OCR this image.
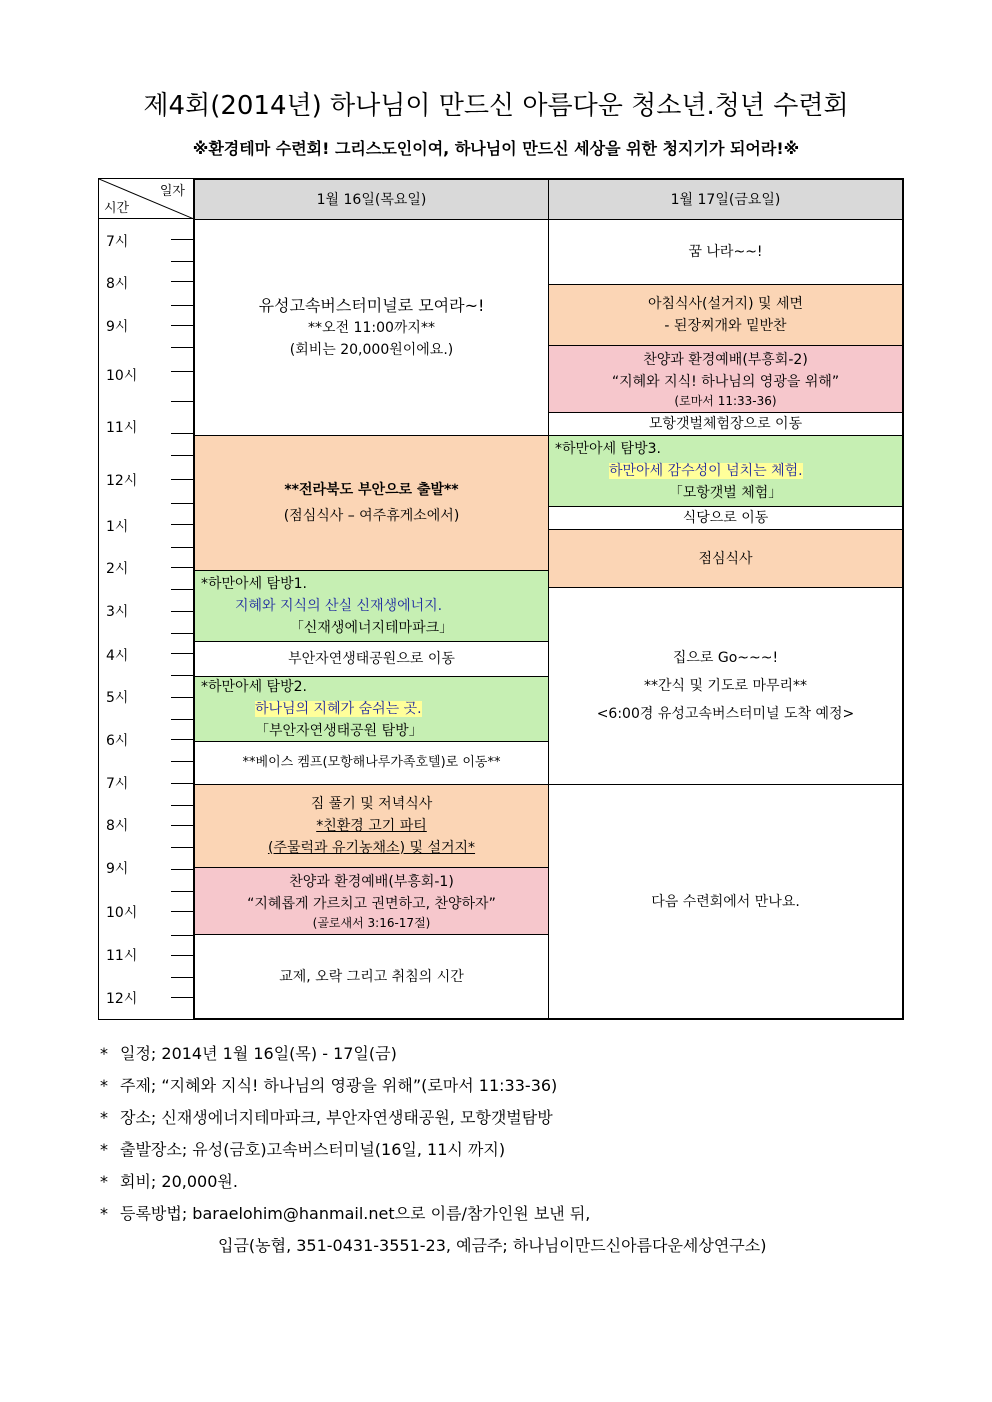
제4회(2014년) 하나님이 만드신 아름다운 청소년.청년 수련회
※환경테마 수련회! 그리스도인이여, 하나님이 만드신 세상을 위한 청지기가 되어라!※
일자
시간
1월 16일(목요일)	1월 17일(금요일)
7시
8시
9시
10시
11시
12시
1시
2시
3시
4시
5시
6시
7시
8시
9시
10시
11시
12시
유성고속버스터미널로 모여라~!
**오전 11:00까지**
(회비는 20,000원이에요.)
**전라북도 부안으로 출발**
(점심식사 – 여주휴게소에서)
*하만아세 탐방1.
지혜와 지식의 산실 신재생에너지.
「신재생에너지테마파크」
부안자연생태공원으로 이동
*하만아세 탐방2.
하나님의 지혜가 숨쉬는 곳.
「부안자연생태공원 탐방」
**베이스 켐프(모항해나루가족호텔)로 이동**
짐 풀기 및 저녁식사
*친환경 고기 파티
(주물럭과 유기농채소) 및 설거지*
찬양과 환경예배(부흥회-1)
“지혜롭게 가르치고 권면하고, 찬양하자”
(골로새서 3:16-17절)
교제, 오락 그리고 취침의 시간
꿈 나라~~!
아침식사(설거지) 및 세면
- 된장찌개와 밑반찬
찬양과 환경예배(부흥회-2)
“지혜와 지식! 하나님의 영광을 위해”
(로마서 11:33-36)
모항갯벌체험장으로 이동
*하만아세 탐방3.
하만아세 감수성이 넘치는 체험.
「모항갯벌 체험」
식당으로 이동
점심식사
집으로 Go~~~!
**간식 및 기도로 마무리**
<6:00경 유성고속버스터미널 도착 예정>
다음 수련회에서 만나요.
* 일정; 2014년 1월 16일(목) - 17일(금)
* 주제; “지혜와 지식! 하나님의 영광을 위해”(로마서 11:33-36)
* 장소; 신재생에너지테마파크, 부안자연생태공원, 모항갯벌탐방
* 출발장소; 유성(금호)고속버스터미널(16일, 11시 까지)
* 회비; 20,000원.
* 등록방법; baraelohim@hanmail.net으로 이름/참가인원 보낸 뒤,
입금(농협, 351-0431-3551-23, 예금주; 하나님이만드신아름다운세상연구소)
